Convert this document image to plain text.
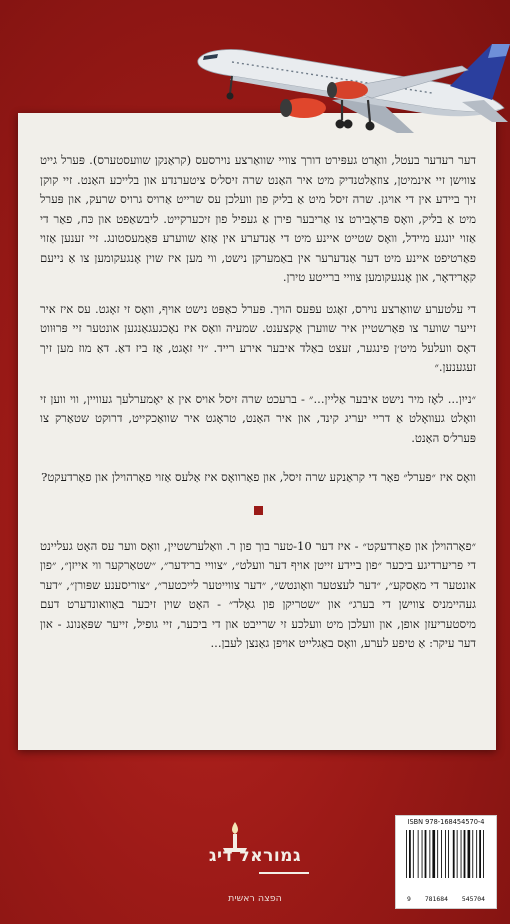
דער רעדער בעטל, וואָרט געפּירט דורך צוויי שוואַרצע נוירסעס (קראַנקן שוועסטערס). פּערל גייט צווישן זיי אינמיטן, צוזאַלטנדיק מיט איר האַנט שרה זיסל׳ס ציטערנדע און בלייכע האַנט. זיי קוקן זיך ביידע אין די אויגן. שרה זיסל מיט אַ בליק פון וועלכן עס שרייט אַרויס גרויס שרעק, און פּערל מיט אַ בליק, וואָס פּראָבירט צו אַריבער פירן אַ געפיל פון זיכערקייט. ליבשאַפט און כּח, פאַר די אַזוי יונגע מיידל, וואָס שטייט איינע מיט די אַנדערע אין אַזאַ שווערע פּאַמעסטונג. זיי זענען אַזוי פאַרטיפט איינע מיט דער אַנדערער אין באַמערקן נישט, ווי מען איז שוין אָנגעקומען צו אַ נייעם קאָרידאָר, און אָנגעקומען צוויי ברייטע טירן.

די עלטערע שוואַרצע נוירס, זאָגט עפּעס הויך. פּערל כאַפּט נישט אויף, וואָס זי זאָגט. עס איז איר זייער שווער צו פאַרשטיין איר שווערן אַקצענט. שמעיה וואָס איז נאָכגעגאַנגען אונטער זיי פּרוּווט דאָס וועלעל מיט׳ן פינגער, זעצט באַלד איבער אירע רייד. ״זי זאָגט, אַז ביז דאַ. דאַ מוז מען זיך זעגענען.״

״נייִן... לאָז מיר נישט איבער אַליין...״ - ברעכט שרה זיסל אויס אין אַ יאָמערלעך געוויין, ווי ווען זי וואָלט געוואָלט אַ דריי יעריג קינד, און איר האַנט, טראָגט איר שוואַכקייט, דרוקט שטאַרק צו פּערל׳ס האַנט.

וואָס איז ״פּערל״ פאַר די קראַנקע שרה זיסל, און פאַרוואָס איז אַלעס אַזוי פאַרהוילן און פאַרדעקט?

״פאַרהוילן און פאַרדעקט״ - איז דער 10-טער בוך פון ר. וואַלערשטיין, וואָס ווער עס האָט געליינט די פריערדיגע ביכער ״פון ביידע זייטן אויף דער וועלט״, ״צוויי ברידער״, ״שטאַרקער ווי אייזן״, ״פון אונטער די מאַסקע״, ״דער לעצטער וואָונטש״, ״דער צווייטער לייכטער״, ״צוריסענע שפּורן״, ״דער געהיימניס צווישן די בערג״ און ״שטריקן פון גאָלד״ - האָט שוין זיכער באַוואונדערט דעם מיסטעריעזן אופן, און וועלכן מיט וועלכע זי שרייבט און די ביכער, זיי גופיל, זייער שפּאַנונג - און דער עיקר: אַ טיפע לערע, וואָס באַגלייט אויפן גאַנצן לעבן...

גמוראל דיג
הפצה ראשית
ISBN 978-168454570-4
9 781684 545704
